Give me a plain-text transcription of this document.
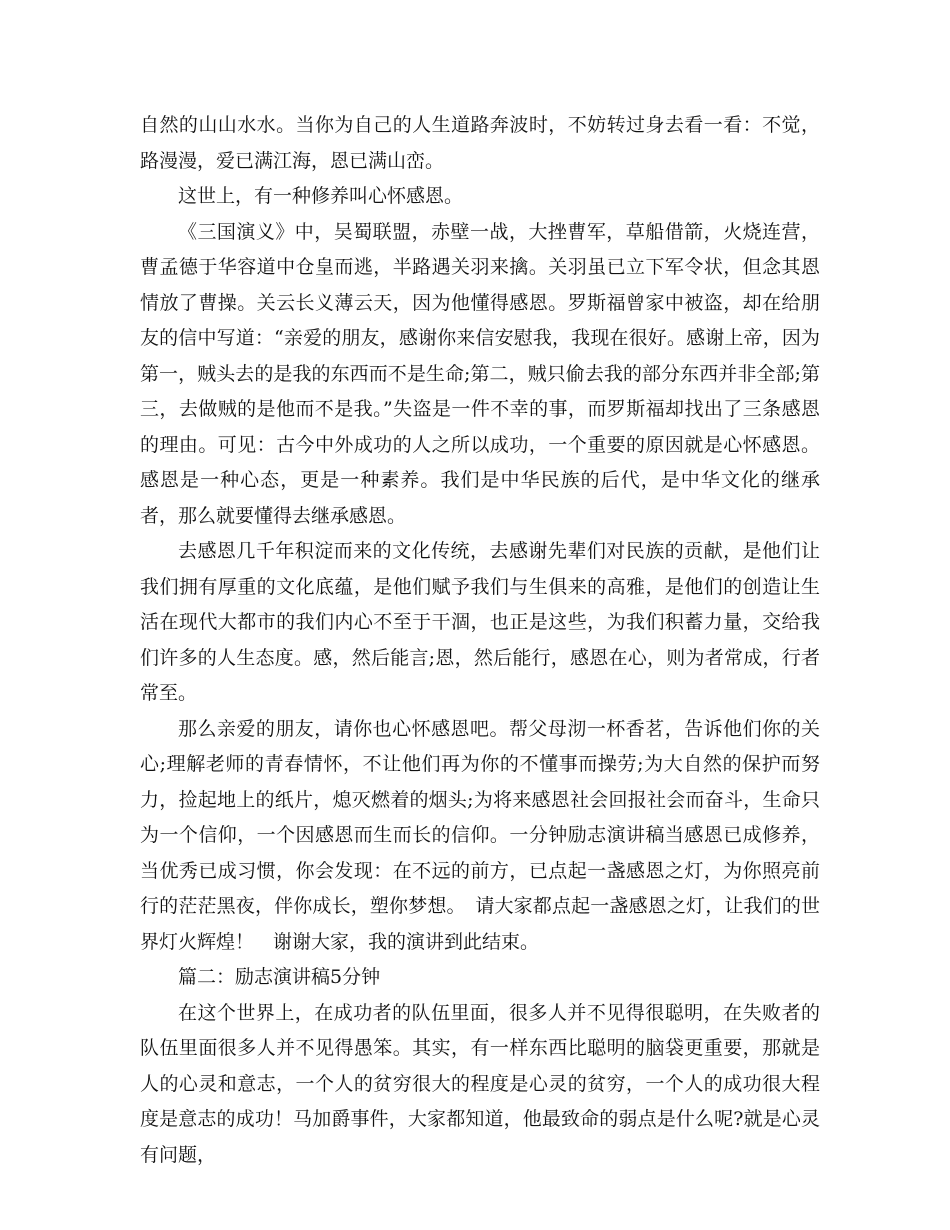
自然的山山水水。当你为自己的人生道路奔波时，不妨转过身去看一看：不觉，路漫漫，爱已满江海，恩已满山峦。

这世上，有一种修养叫心怀感恩。

《三国演义》中，吴蜀联盟，赤壁一战，大挫曹军，草船借箭，火烧连营，曹孟德于华容道中仓皇而逃，半路遇关羽来擒。关羽虽已立下军令状，但念其恩情放了曹操。关云长义薄云天，因为他懂得感恩。罗斯福曾家中被盗，却在给朋友的信中写道：“亲爱的朋友，感谢你来信安慰我，我现在很好。感谢上帝，因为第一，贼头去的是我的东西而不是生命;第二，贼只偷去我的部分东西并非全部;第三，去做贼的是他而不是我。”失盗是一件不幸的事，而罗斯福却找出了三条感恩的理由。可见：古今中外成功的人之所以成功，一个重要的原因就是心怀感恩。感恩是一种心态，更是一种素养。我们是中华民族的后代，是中华文化的继承者，那么就要懂得去继承感恩。

去感恩几千年积淀而来的文化传统，去感谢先辈们对民族的贡献，是他们让我们拥有厚重的文化底蕴，是他们赋予我们与生俱来的高雅，是他们的创造让生活在现代大都市的我们内心不至于干涸，也正是这些，为我们积蓄力量，交给我们许多的人生态度。感，然后能言;恩，然后能行，感恩在心，则为者常成，行者常至。

那么亲爱的朋友，请你也心怀感恩吧。帮父母沏一杯香茗，告诉他们你的关心;理解老师的青春情怀，不让他们再为你的不懂事而操劳;为大自然的保护而努力，捡起地上的纸片，熄灭燃着的烟头;为将来感恩社会回报社会而奋斗，生命只为一个信仰，一个因感恩而生而长的信仰。一分钟励志演讲稿当感恩已成修养，当优秀已成习惯，你会发现：在不远的前方，已点起一盏感恩之灯，为你照亮前行的茫茫黑夜，伴你成长，塑你梦想。　请大家都点起一盏感恩之灯，让我们的世界灯火辉煌！　谢谢大家，我的演讲到此结束。

篇二：励志演讲稿5分钟

在这个世界上，在成功者的队伍里面，很多人并不见得很聪明，在失败者的队伍里面很多人并不见得愚笨。其实，有一样东西比聪明的脑袋更重要，那就是人的心灵和意志，一个人的贫穷很大的程度是心灵的贫穷，一个人的成功很大程度是意志的成功！马加爵事件，大家都知道，他最致命的弱点是什么呢?就是心灵有问题，
